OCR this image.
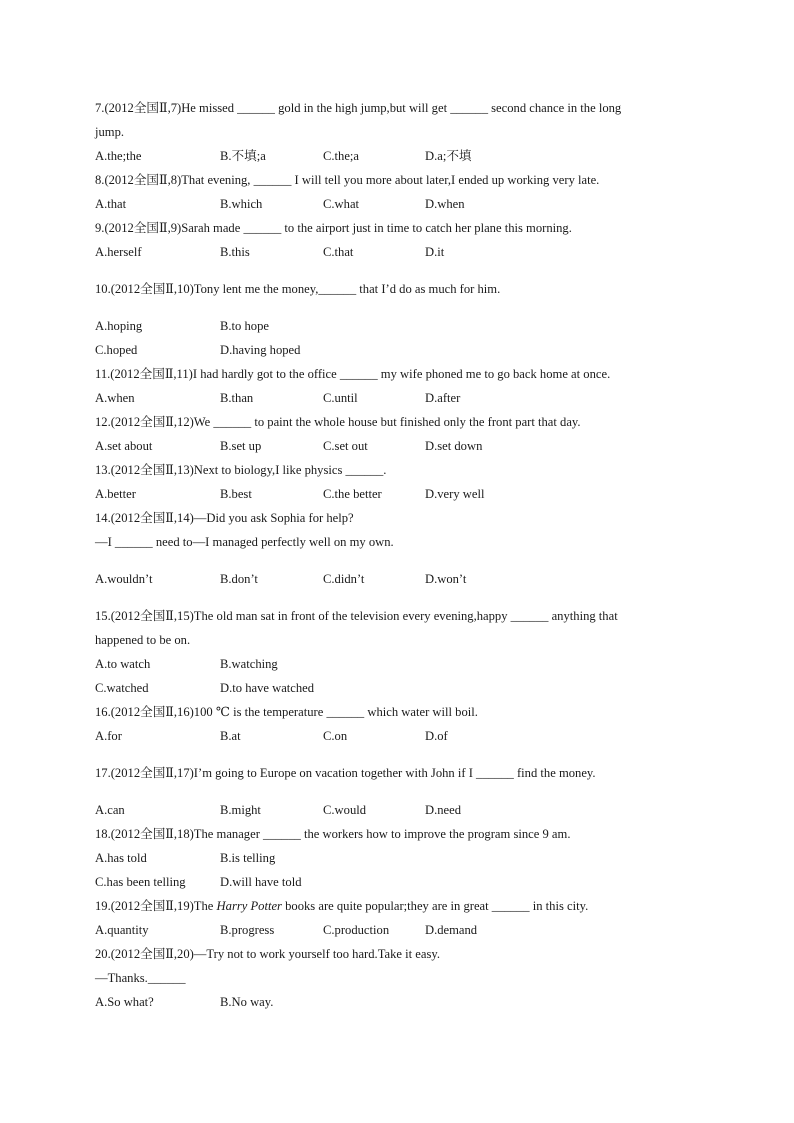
7.(2012全国Ⅱ,7)He missed ______ gold in the high jump,but will get ______ second chance in the long
jump.
A.the;the	B.不填;a	C.the;a	D.a;不填
8.(2012全国Ⅱ,8)That evening, ______ I will tell you more about later,I ended up working very late.
A.that	B.which	C.what	D.when
9.(2012全国Ⅱ,9)Sarah made ______ to the airport just in time to catch her plane this morning.
A.herself	B.this	C.that	D.it
10.(2012全国Ⅱ,10)Tony lent me the money,______ that I’d do as much for him.
A.hoping	B.to hope
C.hoped	D.having hoped
11.(2012全国Ⅱ,11)I had hardly got to the office ______ my wife phoned me to go back home at once.
A.when	B.than	C.until	D.after
12.(2012全国Ⅱ,12)We ______ to paint the whole house but finished only the front part that day.
A.set about	B.set up	C.set out	D.set down
13.(2012全国Ⅱ,13)Next to biology,I like physics ______.
A.better	B.best	C.the better	D.very well
14.(2012全国Ⅱ,14)—Did you ask Sophia for help?
—I ______ need to—I managed perfectly well on my own.
A.wouldn’t	B.don’t	C.didn’t	D.won’t
15.(2012全国Ⅱ,15)The old man sat in front of the television every evening,happy ______ anything that
happened to be on.
A.to watch	B.watching
C.watched	D.to have watched
16.(2012全国Ⅱ,16)100 ℃ is the temperature ______ which water will boil.
A.for	B.at	C.on	D.of
17.(2012全国Ⅱ,17)I’m going to Europe on vacation together with John if I ______ find the money.
A.can	B.might	C.would	D.need
18.(2012全国Ⅱ,18)The manager ______ the workers how to improve the program since 9 am.
A.has told	B.is telling
C.has been telling	D.will have told
19.(2012全国Ⅱ,19)The Harry Potter books are quite popular;they are in great ______ in this city.
A.quantity	B.progress	C.production	D.demand
20.(2012全国Ⅱ,20)—Try not to work yourself too hard.Take it easy.
—Thanks.______
A.So what?	B.No way.
